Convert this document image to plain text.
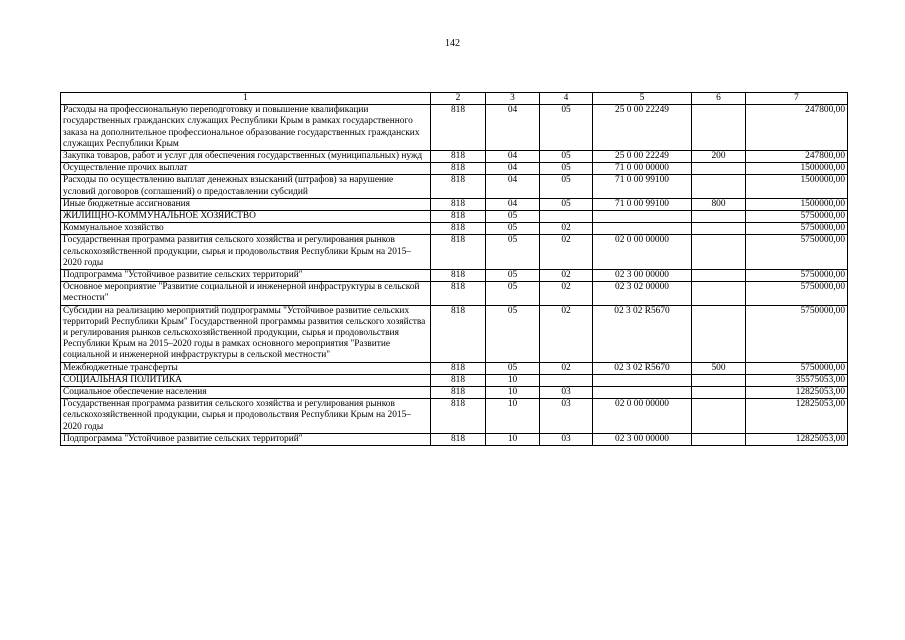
142
1	2	3	4	5	6	7
Расходы на профессиональную переподготовку и повышение квалификации государственных гражданских служащих Республики Крым в рамках государственного заказа на дополнительное профессиональное образование государственных гражданских служащих Республики Крым	818	04	05	25 0 00 22249		247800,00
Закупка товаров, работ и услуг для обеспечения государственных (муниципальных) нужд	818	04	05	25 0 00 22249	200	247800,00
Осуществление прочих выплат	818	04	05	71 0 00 00000		1500000,00
Расходы по осуществлению выплат денежных взысканий (штрафов) за нарушение условий договоров (соглашений) о предоставлении субсидий	818	04	05	71 0 00 99100		1500000,00
Иные бюджетные ассигнования	818	04	05	71 0 00 99100	800	1500000,00
ЖИЛИЩНО-КОММУНАЛЬНОЕ ХОЗЯЙСТВО	818	05				5750000,00
Коммунальное хозяйство	818	05	02			5750000,00
Государственная программа развития сельского хозяйства и регулирования рынков сельскохозяйственной продукции, сырья и продовольствия Республики Крым на 2015–2020 годы	818	05	02	02 0 00 00000		5750000,00
Подпрограмма "Устойчивое развитие сельских территорий"	818	05	02	02 3 00 00000		5750000,00
Основное мероприятие "Развитие социальной и инженерной инфраструктуры в сельской местности"	818	05	02	02 3 02 00000		5750000,00
Субсидии на реализацию мероприятий подпрограммы "Устойчивое развитие сельских территорий Республики Крым" Государственной программы развития сельского хозяйства и регулирования рынков сельскохозяйственной продукции, сырья и продовольствия Республики Крым на 2015–2020 годы в рамках основного мероприятия "Развитие социальной и инженерной инфраструктуры в сельской местности"	818	05	02	02 3 02 R5670		5750000,00
Межбюджетные трансферты	818	05	02	02 3 02 R5670	500	5750000,00
СОЦИАЛЬНАЯ ПОЛИТИКА	818	10				35575053,00
Социальное обеспечение населения	818	10	03			12825053,00
Государственная программа развития сельского хозяйства и регулирования рынков сельскохозяйственной продукции, сырья и продовольствия Республики Крым на 2015–2020 годы	818	10	03	02 0 00 00000		12825053,00
Подпрограмма "Устойчивое развитие сельских территорий"	818	10	03	02 3 00 00000		12825053,00
